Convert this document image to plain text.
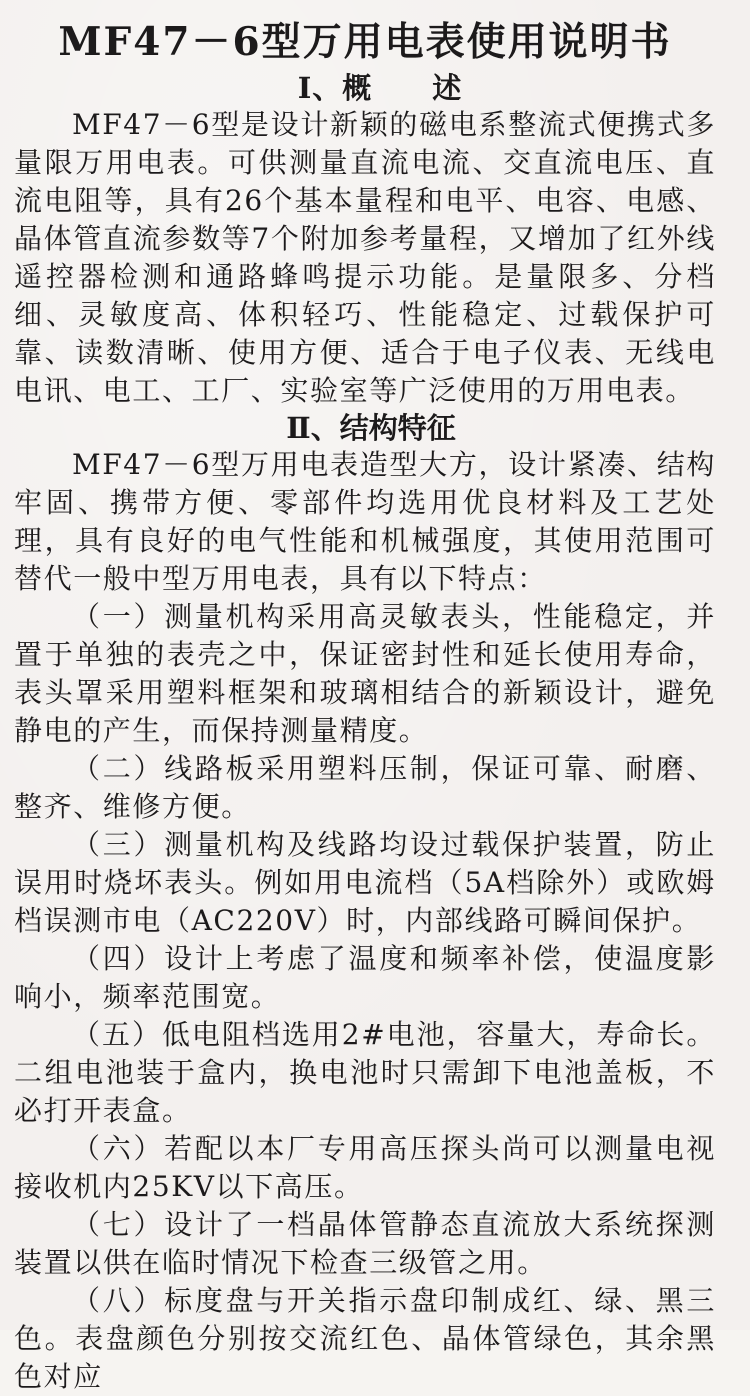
MF47－6型万用电表使用说明书
Ⅰ、概　　述

MF47－6型是设计新颖的磁电系整流式便携式多量限万用电表。可供测量直流电流、交直流电压、直流电阻等，具有26个基本量程和电平、电容、电感、晶体管直流参数等7个附加参考量程，又增加了红外线遥控器检测和通路蜂鸣提示功能。是量限多、分档细、灵敏度高、体积轻巧、性能稳定、过载保护可靠、读数清晰、使用方便、适合于电子仪表、无线电电讯、电工、工厂、实验室等广泛使用的万用电表。

Ⅱ、结构特征

MF47－6型万用电表造型大方，设计紧凑、结构牢固、携带方便、零部件均选用优良材料及工艺处理，具有良好的电气性能和机械强度，其使用范围可替代一般中型万用电表，具有以下特点：

（一）测量机构采用高灵敏表头，性能稳定，并置于单独的表壳之中，保证密封性和延长使用寿命，表头罩采用塑料框架和玻璃相结合的新颖设计，避免静电的产生，而保持测量精度。

（二）线路板采用塑料压制，保证可靠、耐磨、整齐、维修方便。

（三）测量机构及线路均设过载保护装置，防止误用时烧坏表头。例如用电流档（5A档除外）或欧姆档误测市电（AC220V）时，内部线路可瞬间保护。

（四）设计上考虑了温度和频率补偿，使温度影响小，频率范围宽。

（五）低电阻档选用2#电池，容量大，寿命长。二组电池装于盒内，换电池时只需卸下电池盖板，不必打开表盒。

（六）若配以本厂专用高压探头尚可以测量电视接收机内25KV以下高压。

（七）设计了一档晶体管静态直流放大系统探测装置以供在临时情况下检查三级管之用。

（八）标度盘与开关指示盘印制成红、绿、黑三色。表盘颜色分别按交流红色、晶体管绿色，其余黑色对应
